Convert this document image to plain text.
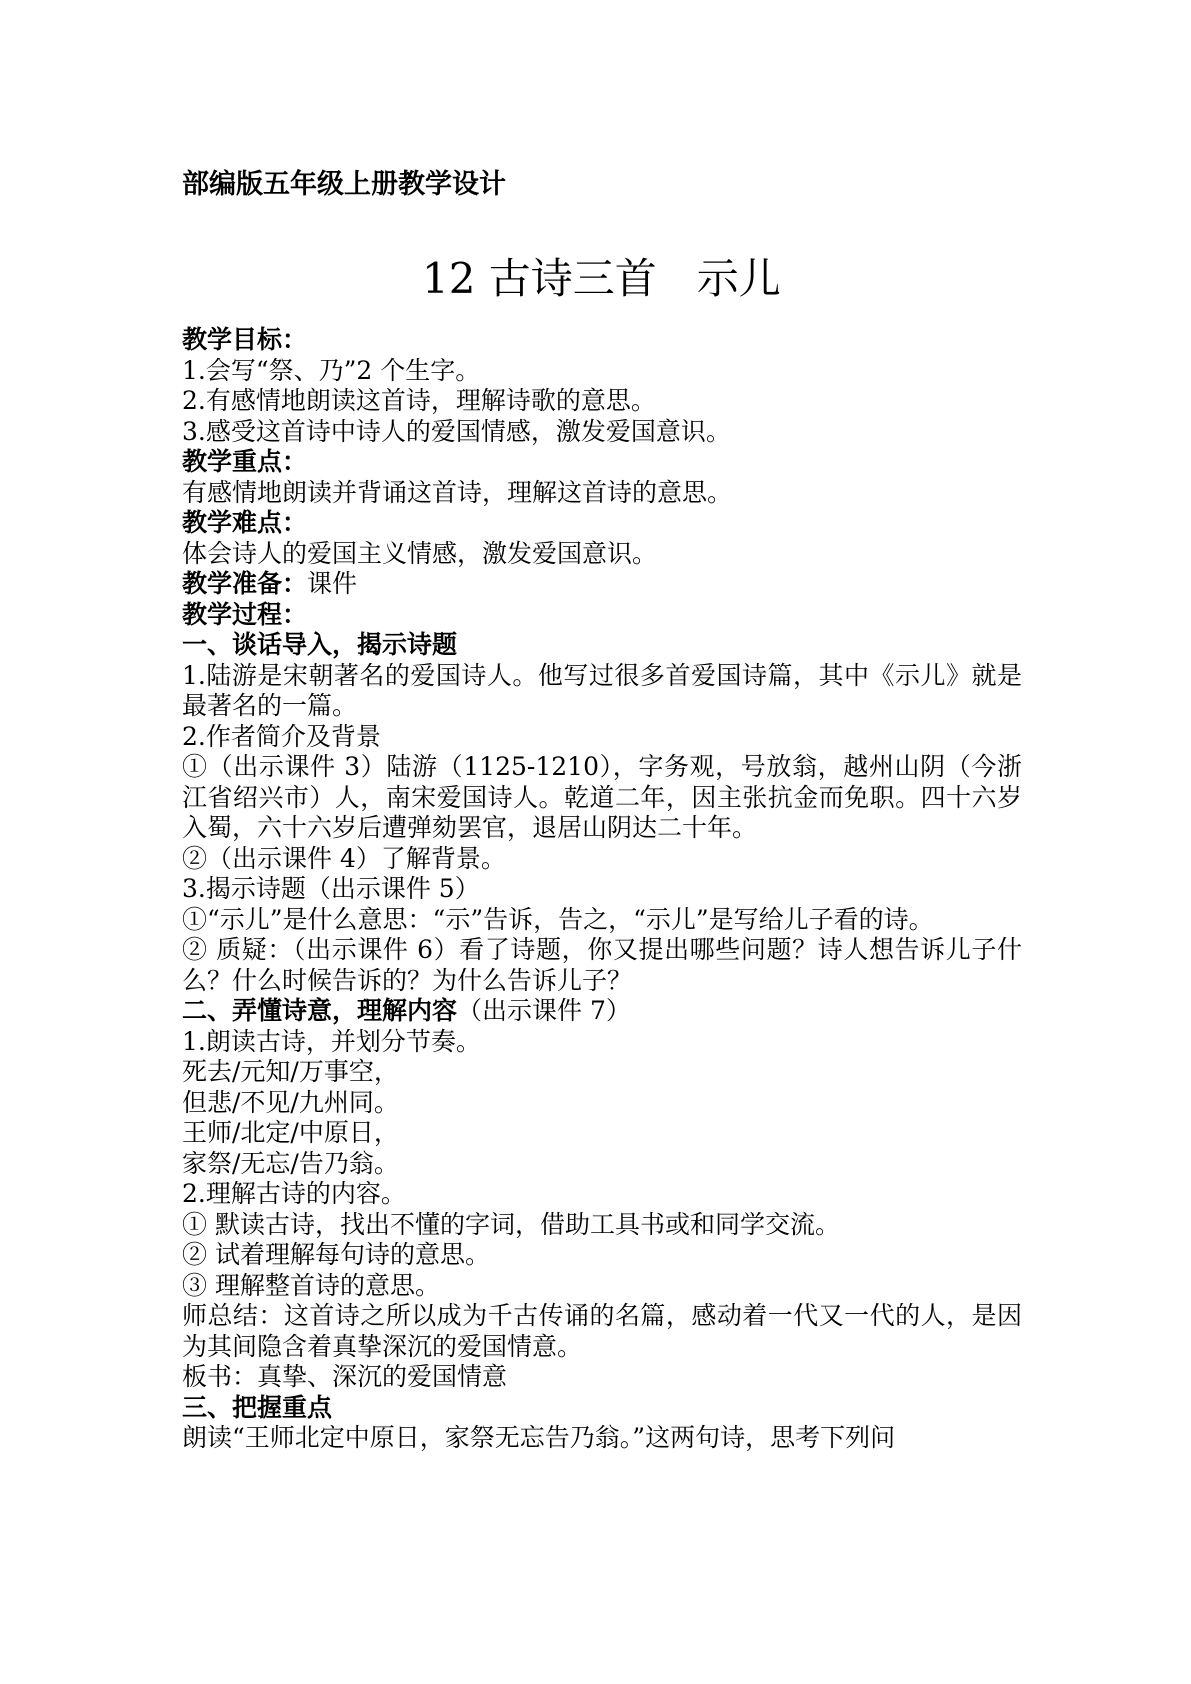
部编版五年级上册教学设计
12 古诗三首 示儿

教学目标：

1.会写“祭、乃”2 个生字。

2.有感情地朗读这首诗，理解诗歌的意思。

3.感受这首诗中诗人的爱国情感，激发爱国意识。

教学重点：

有感情地朗读并背诵这首诗，理解这首诗的意思。

教学难点：

体会诗人的爱国主义情感，激发爱国意识。

教学准备：课件

教学过程：

一、谈话导入，揭示诗题

1.陆游是宋朝著名的爱国诗人。他写过很多首爱国诗篇，其中《示儿》就是最著名的一篇。

2.作者简介及背景

①（出示课件 3）陆游（1125-1210），字务观，号放翁，越州山阴（今浙江省绍兴市）人，南宋爱国诗人。乾道二年，因主张抗金而免职。四十六岁入蜀，六十六岁后遭弹劾罢官，退居山阴达二十年。

②（出示课件 4）了解背景。

3.揭示诗题（出示课件 5）

①“示儿”是什么意思：“示”告诉，告之，“示儿”是写给儿子看的诗。

② 质疑：（出示课件 6）看了诗题，你又提出哪些问题？诗人想告诉儿子什么？什么时候告诉的？为什么告诉儿子？

二、弄懂诗意，理解内容（出示课件 7）

1.朗读古诗，并划分节奏。

死去/元知/万事空，

但悲/不见/九州同。

王师/北定/中原日，

家祭/无忘/告乃翁。

2.理解古诗的内容。

① 默读古诗，找出不懂的字词，借助工具书或和同学交流。

② 试着理解每句诗的意思。

③ 理解整首诗的意思。

师总结：这首诗之所以成为千古传诵的名篇，感动着一代又一代的人，是因为其间隐含着真挚深沉的爱国情意。

板书：真挚、深沉的爱国情意

三、把握重点

朗读“王师北定中原日，家祭无忘告乃翁。”这两句诗，思考下列问
